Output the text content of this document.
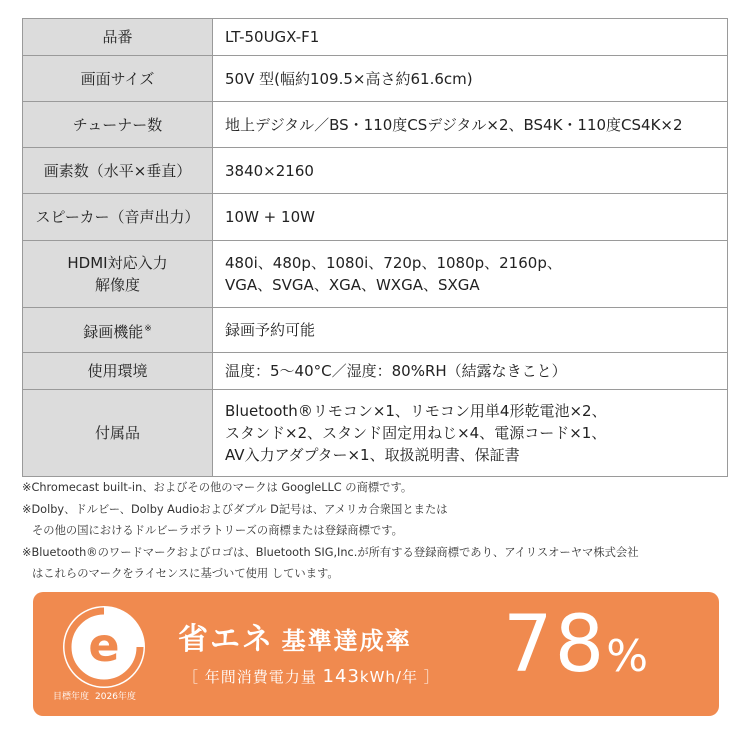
品番	LT-50UGX-F1

画面サイズ	50V 型(幅約109.5×高さ約61.6cm)

チューナー数	地上デジタル／BS・110度CSデジタル×2、BS4K・110度CS4K×2

画素数（水平×垂直）	3840×2160

スピーカー（音声出力）	10W + 10W

HDMI対応入力
解像度	480i、480p、1080i、720p、1080p、2160p、
VGA、SVGA、XGA、WXGA、SXGA

録画機能※	録画予約可能

使用環境	温度：5〜40°C／湿度：80%RH（結露なきこと）

付属品	Bluetooth®リモコン×1、リモコン用単4形乾電池×2、
スタンド×2、スタンド固定用ねじ×4、電源コード×1、
AV入力アダプター×1、取扱説明書、保証書
※Chromecast built-in、およびその他のマークは GoogleLLC の商標です。
※Dolby、ドルビー、Dolby Audioおよびダブル D記号は、アメリカ合衆国とまたは
その他の国におけるドルビーラボラトリーズの商標または登録商標です。
※Bluetooth®のワードマークおよびロゴは、Bluetooth SIG,Inc.が所有する登録商標であり、アイリスオーヤマ株式会社
はこれらのマークをライセンスに基づいて使用 しています。
e
目標年度 2026年度
省エネ 基準達成率
［ 年間消費電力量 143kWh/年 ］ 78%
